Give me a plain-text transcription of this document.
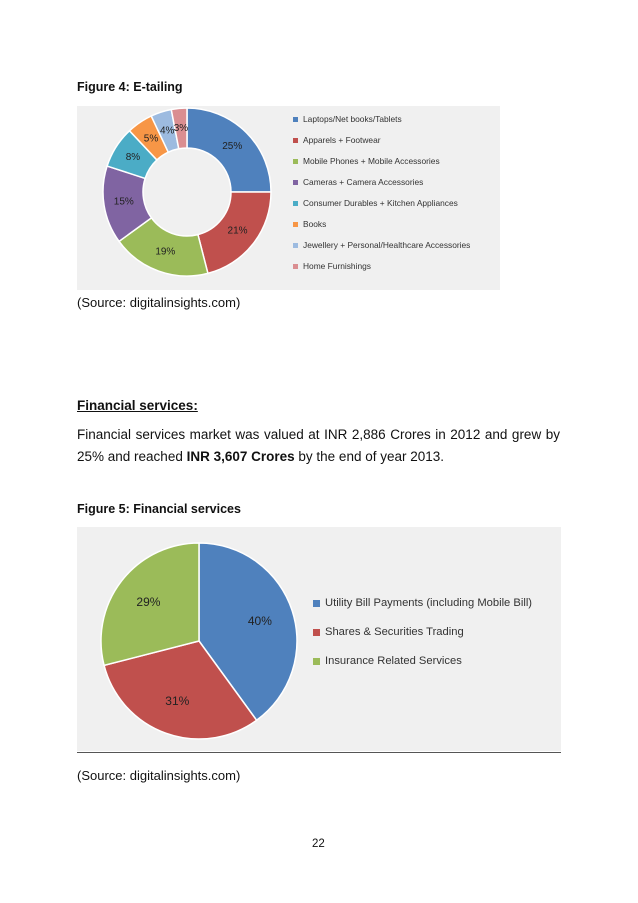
Figure 4: E-tailing
25%
21%
19%
15%
8%
5%
4% 3%
Laptops/Net books/Tablets
Apparels + Footwear
Mobile Phones + Mobile Accessories
Cameras + Camera Accessories
Consumer Durables + Kitchen Appliances
Books
Jewellery + Personal/Healthcare Accessories
Home Furnishings
(Source: digitalinsights.com)
Financial services:
Financial services market was valued at INR 2,886 Crores in 2012 and grew by 25% and reached INR 3,607 Crores by the end of year 2013.
Figure 5: Financial services
40%
31%
29%	Utility Bill Payments (including Mobile Bill)
Shares & Securities Trading
Insurance Related Services
(Source: digitalinsights.com)
22
